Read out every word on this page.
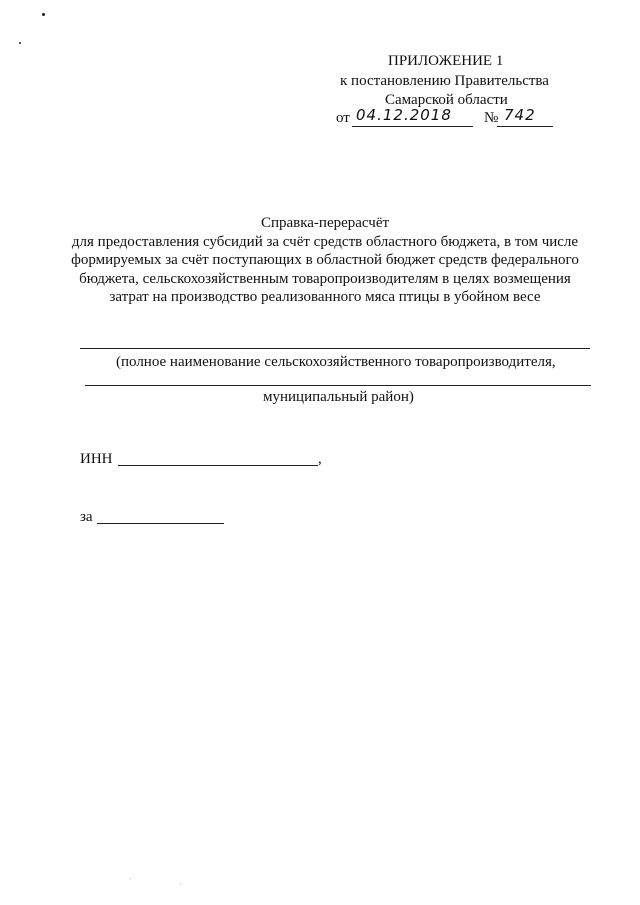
ПРИЛОЖЕНИЕ 1
к постановлению Правительства
Самарской области
от 04.12.2018 № 742
Справка-перерасчёт
для предоставления субсидий за счёт средств областного бюджета, в том числе
формируемых за счёт поступающих в областной бюджет средств федерального
бюджета, сельскохозяйственным товаропроизводителям в целях возмещения
затрат на производство реализованного мяса птицы в убойном весе
(полное наименование сельскохозяйственного товаропроизводителя,
муниципальный район)
ИНН	,
за
